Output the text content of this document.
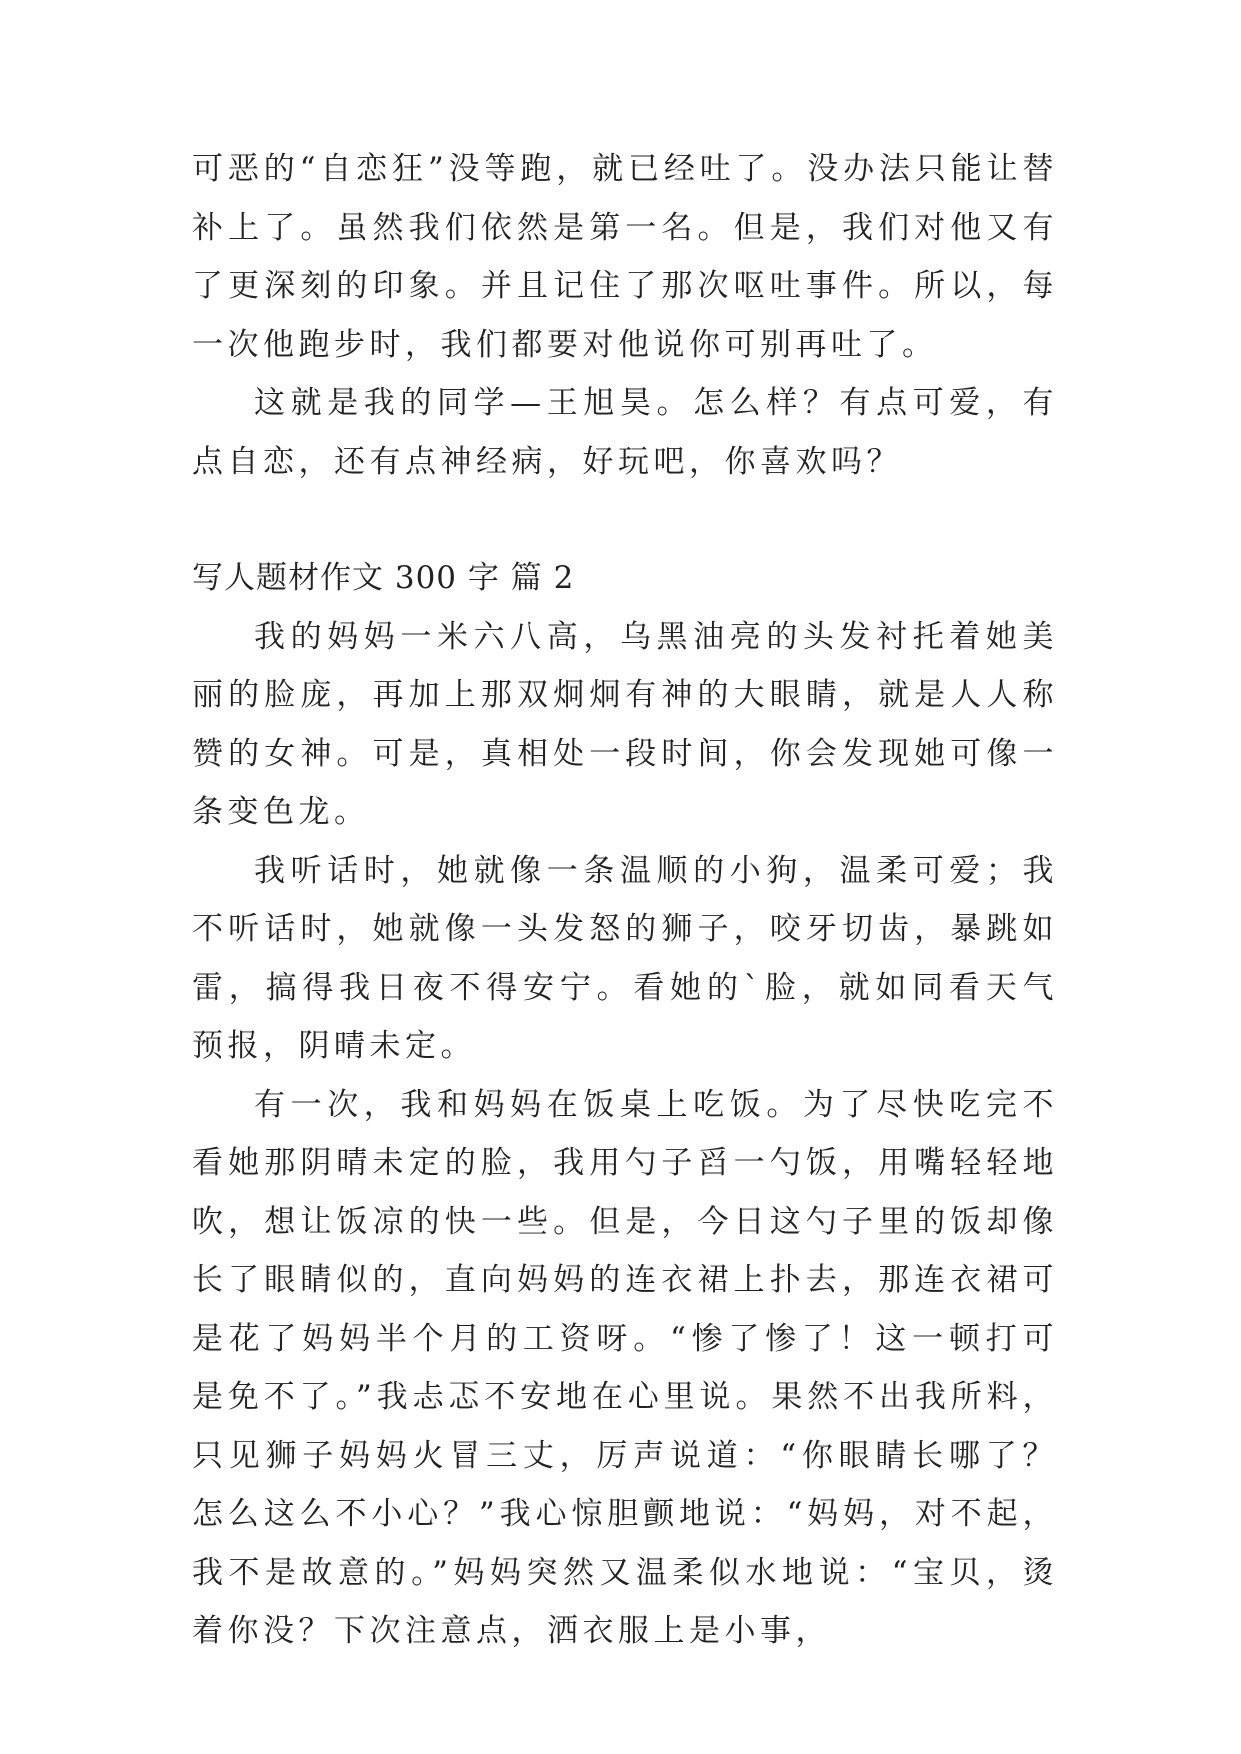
可恶的“自恋狂”没等跑，就已经吐了。没办法只能让替补上了。虽然我们依然是第一名。但是，我们对他又有了更深刻的印象。并且记住了那次呕吐事件。所以，每一次他跑步时，我们都要对他说你可别再吐了。

这就是我的同学—王旭昊。怎么样？有点可爱，有点自恋，还有点神经病，好玩吧，你喜欢吗？

写人题材作文 300 字 篇 2

我的妈妈一米六八高，乌黑油亮的头发衬托着她美丽的脸庞，再加上那双炯炯有神的大眼睛，就是人人称赞的女神。可是，真相处一段时间，你会发现她可像一条变色龙。

我听话时，她就像一条温顺的小狗，温柔可爱；我不听话时，她就像一头发怒的狮子，咬牙切齿，暴跳如雷，搞得我日夜不得安宁。看她的`脸，就如同看天气预报，阴晴未定。

有一次，我和妈妈在饭桌上吃饭。为了尽快吃完不看她那阴晴未定的脸，我用勺子舀一勺饭，用嘴轻轻地吹，想让饭凉的快一些。但是，今日这勺子里的饭却像长了眼睛似的，直向妈妈的连衣裙上扑去，那连衣裙可是花了妈妈半个月的工资呀。“惨了惨了！这一顿打可是免不了。”我忐忑不安地在心里说。果然不出我所料，只见狮子妈妈火冒三丈，厉声说道：“你眼睛长哪了？怎么这么不小心？”我心惊胆颤地说：“妈妈，对不起，我不是故意的。”妈妈突然又温柔似水地说：“宝贝，烫着你没？下次注意点，洒衣服上是小事，
